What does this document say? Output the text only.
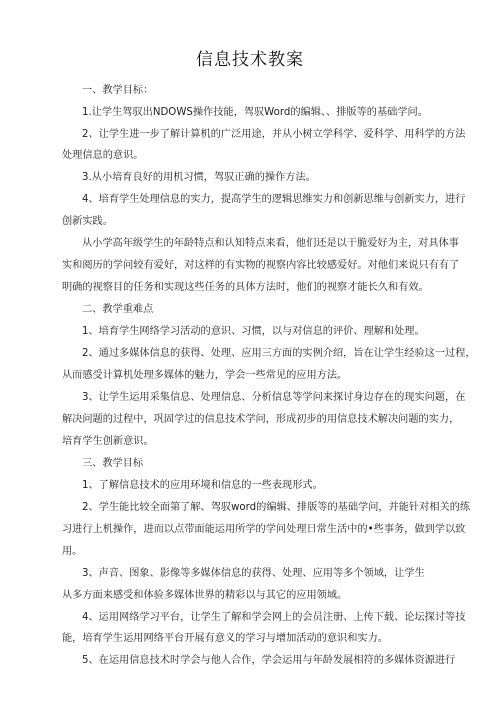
信息技术教案
一、教学目标：
1.让学生驾驭出NDOWS操作技能，驾驭Word的编辑、、排版等的基础学问。
2、让学生进一步了解计算机的广泛用途，并从小树立学科学、爱科学、用科学的方法
处理信息的意识。
3.从小培育良好的用机习惯，驾驭正确的操作方法。
4、培育学生处理信息的实力，提高学生的逻辑思维实力和创新思维与创新实力，进行
创新实践。
从小学高年级学生的年龄特点和认知特点来看，他们还是以干脆爱好为主，对具体事
实和阅历的学问较有爱好，对这样的有实物的视察内容比较感爱好。对他们来说只有有了
明确的视察目的任务和实现这些任务的具体方法时，他们的视察才能长久和有效。
二、教学重难点
1、培育学生网络学习活动的意识、习惯，以与对信息的评价、理解和处理。
2、通过多媒体信息的获得、处理、应用三方面的实例介绍，旨在让学生经验这一过程，
从而感受计算机处理多媒体的魅力，学会一些常见的应用方法。
3、让学生运用采集信息、处理信息、分析信息等学问来探讨身边存在的现实问题，在
解决问题的过程中，巩固学过的信息技术学问，形成初步的用信息技术解决问题的实力，
培育学生创新意识。
三、教学目标
1、了解信息技术的应用环境和信息的一些表现形式。
2、学生能比较全面第了解、驾驭word的编辑、排版等的基础学问，并能针对相关的练
习进行上机操作，进而以点带面能运用所学的学问处理日常生活中的•些事务，做到学以致
用。
3、声音、图象、影像等多媒体信息的获得、处理、应用等多个领域，让学生
从多方面来感受和体验多媒体世界的精彩以与其它的应用领域。
4、运用网络学习平台，让学生了解和学会网上的会员注册、上传下载、论坛探讨等技
能，培育学生运用网络平台开展有意义的学习与增加活动的意识和实力。
5、在运用信息技术时学会与他人合作，学会运用与年龄发展相符的多媒体资源进行
